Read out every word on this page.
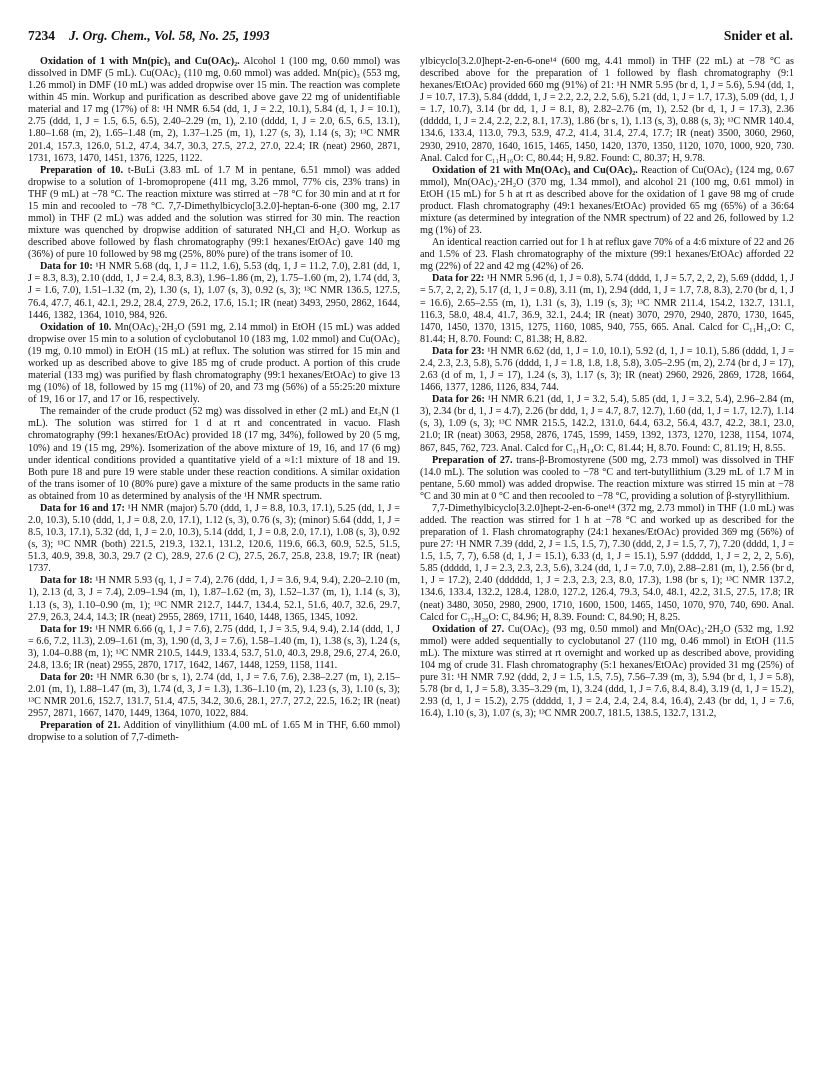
7234 J. Org. Chem., Vol. 58, No. 25, 1993	Snider et al.

Oxidation of 1 with Mn(pic)₃ and Cu(OAc)₂. Alcohol 1 (100 mg, 0.60 mmol) was dissolved in DMF (5 mL). Cu(OAc)₂ (110 mg, 0.60 mmol) was added. Mn(pic)₃ (553 mg, 1.26 mmol) in DMF (10 mL) was added dropwise over 15 min. The reaction was complete within 45 min. Workup and purification as described above gave 22 mg of unidentifiable material and 17 mg (17%) of 8: ¹H NMR 6.54 (dd, 1, J = 2.2, 10.1), 5.84 (d, 1, J = 10.1), 2.75 (ddd, 1, J = 1.5, 6.5, 6.5), 2.40–2.29 (m, 1), 2.10 (dddd, 1, J = 2.0, 6.5, 6.5, 13.1), 1.80–1.68 (m, 2), 1.65–1.48 (m, 2), 1.37–1.25 (m, 1), 1.27 (s, 3), 1.14 (s, 3); ¹³C NMR 201.4, 157.3, 126.0, 51.2, 47.4, 34.7, 30.3, 27.5, 27.2, 27.0, 22.4; IR (neat) 2960, 2871, 1731, 1673, 1470, 1451, 1376, 1225, 1122.

Preparation of 10. t-BuLi (3.83 mL of 1.7 M in pentane, 6.51 mmol) was added dropwise to a solution of 1-bromopropene (411 mg, 3.26 mmol, 77% cis, 23% trans) in THF (9 mL) at −78 °C. The reaction mixture was stirred at −78 °C for 30 min and at rt for 15 min and recooled to −78 °C. 7,7-Dimethylbicyclo[3.2.0]-heptan-6-one (300 mg, 2.17 mmol) in THF (2 mL) was added and the solution was stirred for 30 min. The reaction mixture was quenched by dropwise addition of saturated NH₄Cl and H₂O. Workup as described above followed by flash chromatography (99:1 hexanes/EtOAc) gave 140 mg (36%) of pure 10 followed by 98 mg (25%, 80% pure) of the trans isomer of 10.

Data for 10: ¹H NMR 5.68 (dq, 1, J = 11.2, 1.6), 5.53 (dq, 1, J = 11.2, 7.0), 2.81 (dd, 1, J = 8.3, 8.3), 2.10 (ddd, 1, J = 2.4, 8.3, 8.3), 1.96–1.86 (m, 2), 1.75–1.60 (m, 2), 1.74 (dd, 3, J = 1.6, 7.0), 1.51–1.32 (m, 2), 1.30 (s, 1), 1.07 (s, 3), 0.92 (s, 3); ¹³C NMR 136.5, 127.5, 76.4, 47.7, 46.1, 42.1, 29.2, 28.4, 27.9, 26.2, 17.6, 15.1; IR (neat) 3493, 2950, 2862, 1644, 1446, 1382, 1364, 1010, 984, 926.

Oxidation of 10. Mn(OAc)₃·2H₂O (591 mg, 2.14 mmol) in EtOH (15 mL) was added dropwise over 15 min to a solution of cyclobutanol 10 (183 mg, 1.02 mmol) and Cu(OAc)₂ (19 mg, 0.10 mmol) in EtOH (15 mL) at reflux. The solution was stirred for 15 min and worked up as described above to give 185 mg of crude product. A portion of this crude material (133 mg) was purified by flash chromatography (99:1 hexanes/EtOAc) to give 13 mg (10%) of 18, followed by 15 mg (11%) of 20, and 73 mg (56%) of a 55:25:20 mixture of 19, 16 or 17, and 17 or 16, respectively.

The remainder of the crude product (52 mg) was dissolved in ether (2 mL) and Et₃N (1 mL). The solution was stirred for 1 d at rt and concentrated in vacuo. Flash chromatography (99:1 hexanes/EtOAc) provided 18 (17 mg, 34%), followed by 20 (5 mg, 10%) and 19 (15 mg, 29%). Isomerization of the above mixture of 19, 16, and 17 (6 mg) under identical conditions provided a quantitative yield of a ≈1:1 mixture of 18 and 19. Both pure 18 and pure 19 were stable under these reaction conditions. A similar oxidation of the trans isomer of 10 (80% pure) gave a mixture of the same products in the same ratio as obtained from 10 as determined by analysis of the ¹H NMR spectrum.

Data for 16 and 17: ¹H NMR (major) 5.70 (ddd, 1, J = 8.8, 10.3, 17.1), 5.25 (dd, 1, J = 2.0, 10.3), 5.10 (ddd, 1, J = 0.8, 2.0, 17.1), 1.12 (s, 3), 0.76 (s, 3); (minor) 5.64 (ddd, 1, J = 8.5, 10.3, 17.1), 5.32 (dd, 1, J = 2.0, 10.3), 5.14 (ddd, 1, J = 0.8, 2.0, 17.1), 1.08 (s, 3), 0.92 (s, 3); ¹³C NMR (both) 221.5, 219.3, 132.1, 131.2, 120.6, 119.6, 66.3, 60.9, 52.5, 51.5, 51.3, 40.9, 39.8, 30.3, 29.7 (2 C), 28.9, 27.6 (2 C), 27.5, 26.7, 25.8, 23.8, 19.7; IR (neat) 1737.

Data for 18: ¹H NMR 5.93 (q, 1, J = 7.4), 2.76 (ddd, 1, J = 3.6, 9.4, 9.4), 2.20–2.10 (m, 1), 2.13 (d, 3, J = 7.4), 2.09–1.94 (m, 1), 1.87–1.62 (m, 3), 1.52–1.37 (m, 1), 1.14 (s, 3), 1.13 (s, 3), 1.10–0.90 (m, 1); ¹³C NMR 212.7, 144.7, 134.4, 52.1, 51.6, 40.7, 32.6, 29.7, 27.9, 26.3, 24.4, 14.3; IR (neat) 2955, 2869, 1711, 1640, 1448, 1365, 1345, 1092.

Data for 19: ¹H NMR 6.66 (q, 1, J = 7.6), 2.75 (ddd, 1, J = 3.5, 9.4, 9.4), 2.14 (ddd, 1, J = 6.6, 7.2, 11.3), 2.09–1.61 (m, 3), 1.90 (d, 3, J = 7.6), 1.58–1.40 (m, 1), 1.38 (s, 3), 1.24 (s, 3), 1.04–0.88 (m, 1); ¹³C NMR 210.5, 144.9, 133.4, 53.7, 51.0, 40.3, 29.8, 29.6, 27.4, 26.0, 24.8, 13.6; IR (neat) 2955, 2870, 1717, 1642, 1467, 1448, 1259, 1158, 1141.

Data for 20: ¹H NMR 6.30 (br s, 1), 2.74 (dd, 1, J = 7.6, 7.6), 2.38–2.27 (m, 1), 2.15–2.01 (m, 1), 1.88–1.47 (m, 3), 1.74 (d, 3, J = 1.3), 1.36–1.10 (m, 2), 1.23 (s, 3), 1.10 (s, 3); ¹³C NMR 201.6, 152.7, 131.7, 51.4, 47.5, 34.2, 30.6, 28.1, 27.7, 27.2, 22.5, 16.2; IR (neat) 2957, 2871, 1667, 1470, 1449, 1364, 1070, 1022, 884.

Preparation of 21. Addition of vinyllithium (4.00 mL of 1.65 M in THF, 6.60 mmol) dropwise to a solution of 7,7-dimeth-

ylbicyclo[3.2.0]hept-2-en-6-one¹⁴ (600 mg, 4.41 mmol) in THF (22 mL) at −78 °C as described above for the preparation of 1 followed by flash chromatography (9:1 hexanes/EtOAc) provided 660 mg (91%) of 21: ¹H NMR 5.95 (br d, 1, J = 5.6), 5.94 (dd, 1, J = 10.7, 17.3), 5.84 (dddd, 1, J = 2.2, 2.2, 2.2, 5.6), 5.21 (dd, 1, J = 1.7, 17.3), 5.09 (dd, 1, J = 1.7, 10.7), 3.14 (br dd, 1, J = 8.1, 8), 2.82–2.76 (m, 1), 2.52 (br d, 1, J = 17.3), 2.36 (ddddd, 1, J = 2.4, 2.2, 2.2, 8.1, 17.3), 1.86 (br s, 1), 1.13 (s, 3), 0.88 (s, 3); ¹³C NMR 140.4, 134.6, 133.4, 113.0, 79.3, 53.9, 47.2, 41.4, 31.4, 27.4, 17.7; IR (neat) 3500, 3060, 2960, 2930, 2910, 2870, 1640, 1615, 1465, 1450, 1420, 1370, 1350, 1120, 1070, 1000, 920, 730. Anal. Calcd for C₁₁H₁₆O: C, 80.44; H, 9.82. Found: C, 80.37; H, 9.78.

Oxidation of 21 with Mn(OAc)₃ and Cu(OAc)₂. Reaction of Cu(OAc)₂ (124 mg, 0.67 mmol), Mn(OAc)₃·2H₂O (370 mg, 1.34 mmol), and alcohol 21 (100 mg, 0.61 mmol) in EtOH (15 mL) for 5 h at rt as described above for the oxidation of 1 gave 98 mg of crude product. Flash chromatography (49:1 hexanes/EtOAc) provided 65 mg (65%) of a 36:64 mixture (as determined by integration of the NMR spectrum) of 22 and 26, followed by 1.2 mg (1%) of 23.

An identical reaction carried out for 1 h at reflux gave 70% of a 4:6 mixture of 22 and 26 and 1.5% of 23. Flash chromatography of the mixture (99:1 hexanes/EtOAc) afforded 22 mg (22%) of 22 and 42 mg (42%) of 26.

Data for 22: ¹H NMR 5.96 (d, 1, J = 0.8), 5.74 (dddd, 1, J = 5.7, 2, 2, 2), 5.69 (dddd, 1, J = 5.7, 2, 2, 2), 5.17 (d, 1, J = 0.8), 3.11 (m, 1), 2.94 (ddd, 1, J = 1.7, 7.8, 8.3), 2.70 (br d, 1, J = 16.6), 2.65–2.55 (m, 1), 1.31 (s, 3), 1.19 (s, 3); ¹³C NMR 211.4, 154.2, 132.7, 131.1, 116.3, 58.0, 48.4, 41.7, 36.9, 32.1, 24.4; IR (neat) 3070, 2970, 2940, 2870, 1730, 1645, 1470, 1450, 1370, 1315, 1275, 1160, 1085, 940, 755, 665. Anal. Calcd for C₁₁H₁₄O: C, 81.44; H, 8.70. Found: C, 81.38; H, 8.82.

Data for 23: ¹H NMR 6.62 (dd, 1, J = 1.0, 10.1), 5.92 (d, 1, J = 10.1), 5.86 (dddd, 1, J = 2.4, 2.3, 2.3, 5.8), 5.76 (dddd, 1, J = 1.8, 1.8, 1.8, 5.8), 3.05–2.95 (m, 2), 2.74 (br d, J = 17), 2.63 (d of m, 1, J = 17), 1.24 (s, 3), 1.17 (s, 3); IR (neat) 2960, 2926, 2869, 1728, 1664, 1466, 1377, 1286, 1126, 834, 744.

Data for 26: ¹H NMR 6.21 (dd, 1, J = 3.2, 5.4), 5.85 (dd, 1, J = 3.2, 5.4), 2.96–2.84 (m, 3), 2.34 (br d, 1, J = 4.7), 2.26 (br ddd, 1, J = 4.7, 8.7, 12.7), 1.60 (dd, 1, J = 1.7, 12.7), 1.14 (s, 3), 1.09 (s, 3); ¹³C NMR 215.5, 142.2, 131.0, 64.4, 63.2, 56.4, 43.7, 42.2, 38.1, 23.0, 21.0; IR (neat) 3063, 2958, 2876, 1745, 1599, 1459, 1392, 1373, 1270, 1238, 1154, 1074, 867, 845, 762, 723. Anal. Calcd for C₁₁H₁₄O: C, 81.44; H, 8.70. Found: C, 81.19; H, 8.55.

Preparation of 27. trans-β-Bromostyrene (500 mg, 2.73 mmol) was dissolved in THF (14.0 mL). The solution was cooled to −78 °C and tert-butyllithium (3.29 mL of 1.7 M in pentane, 5.60 mmol) was added dropwise. The reaction mixture was stirred 15 min at −78 °C and 30 min at 0 °C and then recooled to −78 °C, providing a solution of β-styryllithium.

7,7-Dimethylbicyclo[3.2.0]hept-2-en-6-one¹⁴ (372 mg, 2.73 mmol) in THF (1.0 mL) was added. The reaction was stirred for 1 h at −78 °C and worked up as described for the preparation of 1. Flash chromatography (24:1 hexanes/EtOAc) provided 369 mg (56%) of pure 27: ¹H NMR 7.39 (ddd, 2, J = 1.5, 1.5, 7), 7.30 (ddd, 2, J = 1.5, 7, 7), 7.20 (dddd, 1, J = 1.5, 1.5, 7, 7), 6.58 (d, 1, J = 15.1), 6.33 (d, 1, J = 15.1), 5.97 (ddddd, 1, J = 2, 2, 2, 5.6), 5.85 (ddddd, 1, J = 2.3, 2.3, 2.3, 5.6), 3.24 (dd, 1, J = 7.0, 7.0), 2.88–2.81 (m, 1), 2.56 (br d, 1, J = 17.2), 2.40 (dddddd, 1, J = 2.3, 2.3, 2.3, 8.0, 17.3), 1.98 (br s, 1); ¹³C NMR 137.2, 134.6, 133.4, 132.2, 128.4, 128.0, 127.2, 126.4, 79.3, 54.0, 48.1, 42.2, 31.5, 27.5, 17.8; IR (neat) 3480, 3050, 2980, 2900, 1710, 1600, 1500, 1465, 1450, 1070, 970, 740, 690. Anal. Calcd for C₁₇H₂₀O: C, 84.96; H, 8.39. Found: C, 84.90; H, 8.25.

Oxidation of 27. Cu(OAc)₂ (93 mg, 0.50 mmol) and Mn(OAc)₃·2H₂O (532 mg, 1.92 mmol) were added sequentially to cyclobutanol 27 (110 mg, 0.46 mmol) in EtOH (11.5 mL). The mixture was stirred at rt overnight and worked up as described above, providing 104 mg of crude 31. Flash chromatography (5:1 hexanes/EtOAc) provided 31 mg (25%) of pure 31: ¹H NMR 7.92 (ddd, 2, J = 1.5, 1.5, 7.5), 7.56–7.39 (m, 3), 5.94 (br d, 1, J = 5.8), 5.78 (br d, 1, J = 5.8), 3.35–3.29 (m, 1), 3.24 (ddd, 1, J = 7.6, 8.4, 8.4), 3.19 (d, 1, J = 15.2), 2.93 (d, 1, J = 15.2), 2.75 (ddddd, 1, J = 2.4, 2.4, 2.4, 8.4, 16.4), 2.43 (br dd, 1, J = 7.6, 16.4), 1.10 (s, 3), 1.07 (s, 3); ¹³C NMR 200.7, 181.5, 138.5, 132.7, 131.2,
